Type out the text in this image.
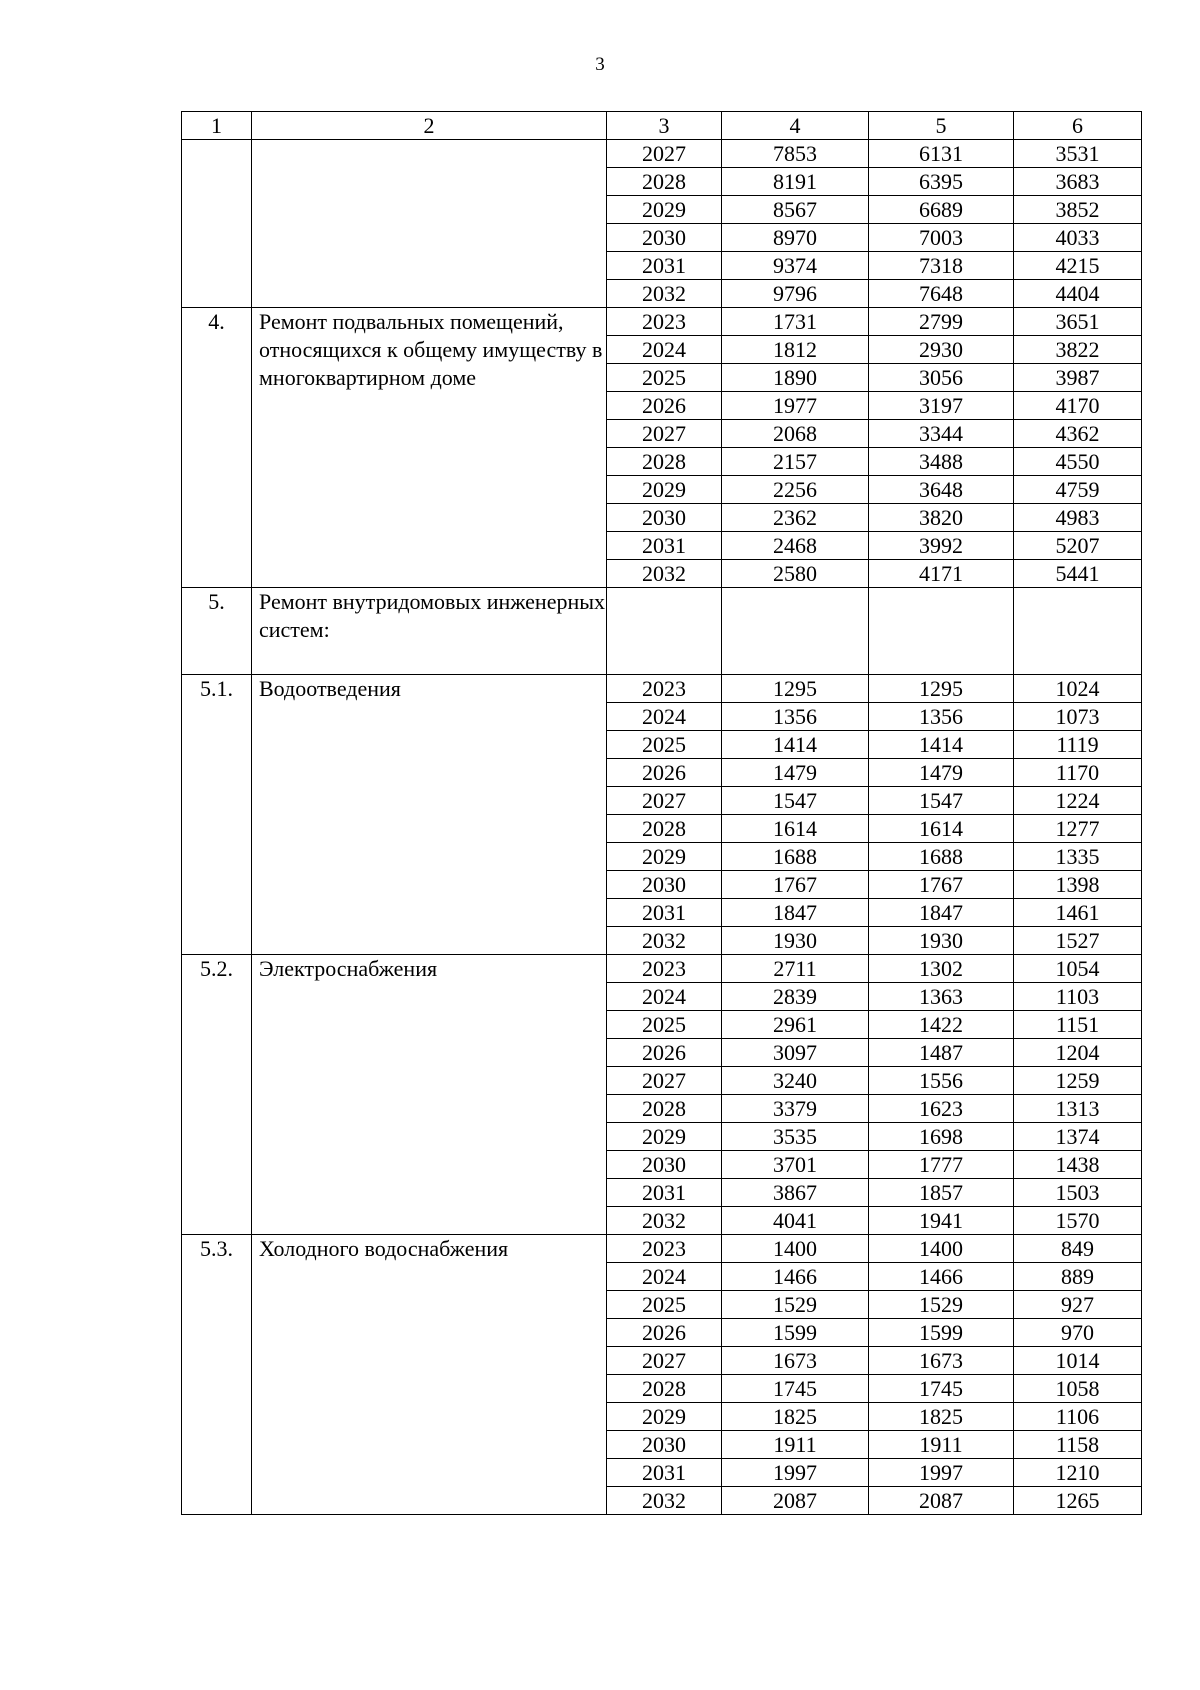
3
1	2	3	4	5	6
		2027	7853	6131	3531
		2028	8191	6395	3683
		2029	8567	6689	3852
		2030	8970	7003	4033
		2031	9374	7318	4215
		2032	9796	7648	4404
4.	Ремонт подвальных помещений, относящихся к общему имуществу в многоквартирном доме	2023	1731	2799	3651
		2024	1812	2930	3822
		2025	1890	3056	3987
		2026	1977	3197	4170
		2027	2068	3344	4362
		2028	2157	3488	4550
		2029	2256	3648	4759
		2030	2362	3820	4983
		2031	2468	3992	5207
		2032	2580	4171	5441
5.	Ремонт внутридомовых инженерных систем:				
5.1.	Водоотведения	2023	1295	1295	1024
		2024	1356	1356	1073
		2025	1414	1414	1119
		2026	1479	1479	1170
		2027	1547	1547	1224
		2028	1614	1614	1277
		2029	1688	1688	1335
		2030	1767	1767	1398
		2031	1847	1847	1461
		2032	1930	1930	1527
5.2.	Электроснабжения	2023	2711	1302	1054
		2024	2839	1363	1103
		2025	2961	1422	1151
		2026	3097	1487	1204
		2027	3240	1556	1259
		2028	3379	1623	1313
		2029	3535	1698	1374
		2030	3701	1777	1438
		2031	3867	1857	1503
		2032	4041	1941	1570
5.3.	Холодного водоснабжения	2023	1400	1400	849
		2024	1466	1466	889
		2025	1529	1529	927
		2026	1599	1599	970
		2027	1673	1673	1014
		2028	1745	1745	1058
		2029	1825	1825	1106
		2030	1911	1911	1158
		2031	1997	1997	1210
		2032	2087	2087	1265
